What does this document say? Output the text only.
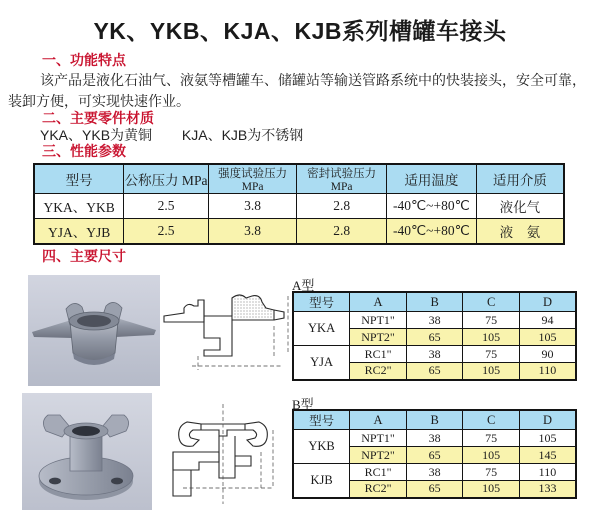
YK、YKB、KJA、KJB系列槽罐车接头
一、功能特点
该产品是液化石油气、液氨等槽罐车、储罐站等输送管路系统中的快装接头，安全可靠，装卸方便，可实现快速作业。
二、主要零件材质
YKA、YKB为黄铜 KJA、KJB为不锈钢
三、性能参数
型号	公称压力 MPa	强度试验压力MPa	密封试验压力MPa	适用温度	适用介质
YKA、YKB	2.5	3.8	2.8	-40℃~+80℃	液化气
YJA、YJB	2.5	3.8	2.8	-40℃~+80℃	液　氨
四、主要尺寸
型号	A	B	C	D
YKA	NPT1"	38	75	94
	NPT2"	65	105	105
YJA	RC1"	38	75	90
	RC2"	65	105	110
A型
型号	A	B	C	D
YKB	NPT1"	38	75	105
	NPT2"	65	105	145
KJB	RC1"	38	75	110
	RC2"	65	105	133
B型
